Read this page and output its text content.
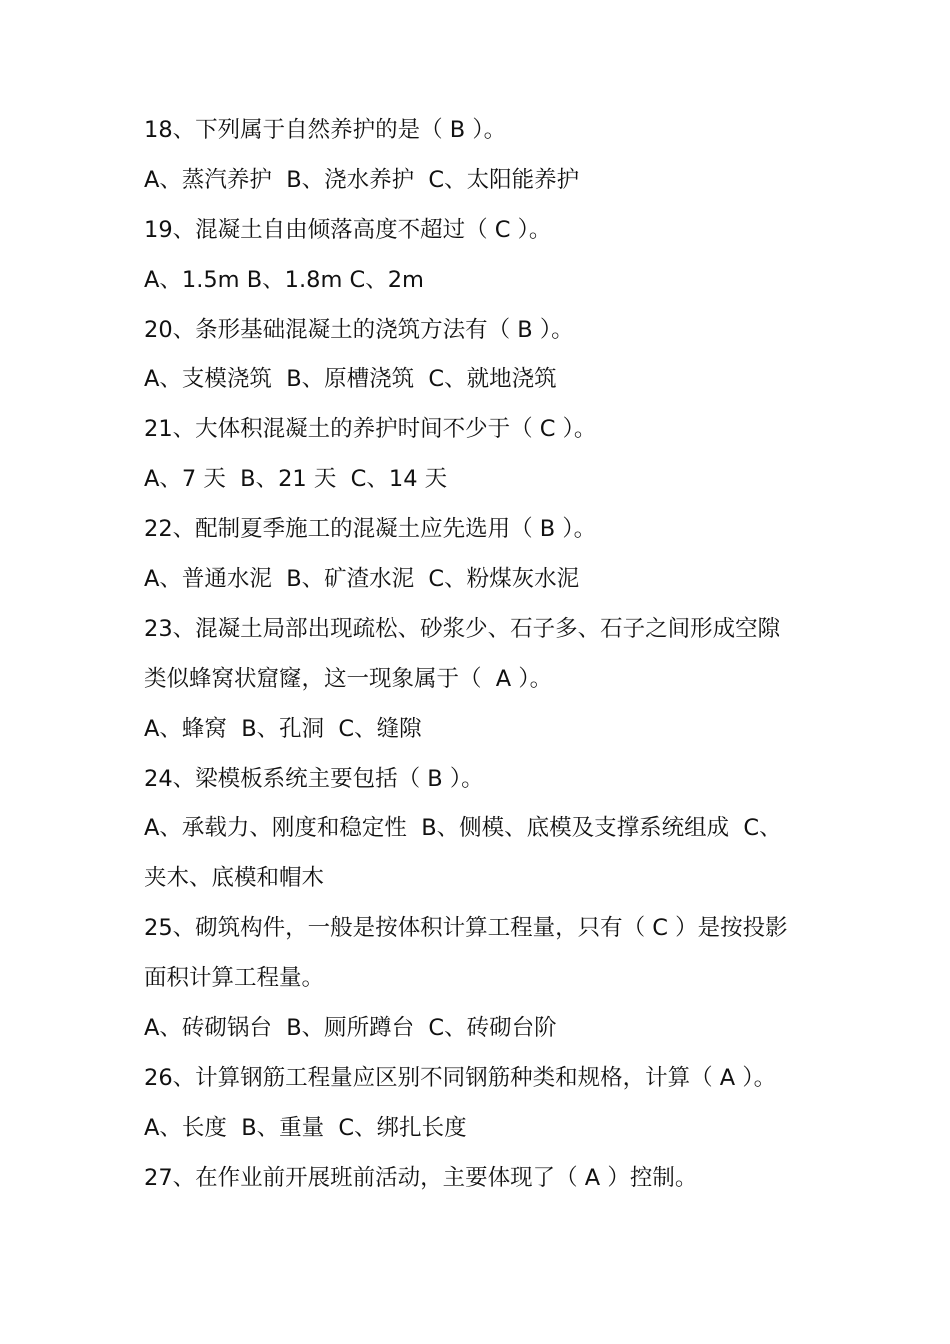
18、下列属于自然养护的是（ B ）。
A、蒸汽养护  B、浇水养护  C、太阳能养护
19、混凝土自由倾落高度不超过（ C ）。
A、1.5m B、1.8m C、2m
20、条形基础混凝土的浇筑方法有（ B ）。
A、支模浇筑  B、原槽浇筑  C、就地浇筑
21、大体积混凝土的养护时间不少于（ C ）。
A、7 天  B、21 天  C、14 天
22、配制夏季施工的混凝土应先选用（ B ）。
A、普通水泥  B、矿渣水泥  C、粉煤灰水泥
23、混凝土局部出现疏松、砂浆少、石子多、石子之间形成空隙
类似蜂窝状窟窿，这一现象属于（  A ）。
A、蜂窝  B、孔洞  C、缝隙
24、梁模板系统主要包括（ B ）。
A、承载力、刚度和稳定性  B、侧模、底模及支撑系统组成  C、
夹木、底模和帽木
25、砌筑构件，一般是按体积计算工程量，只有（ C ）是按投影
面积计算工程量。
A、砖砌锅台  B、厕所蹲台  C、砖砌台阶
26、计算钢筋工程量应区别不同钢筋种类和规格，计算（ A ）。
A、长度  B、重量  C、绑扎长度
27、在作业前开展班前活动，主要体现了（ A ）控制。
